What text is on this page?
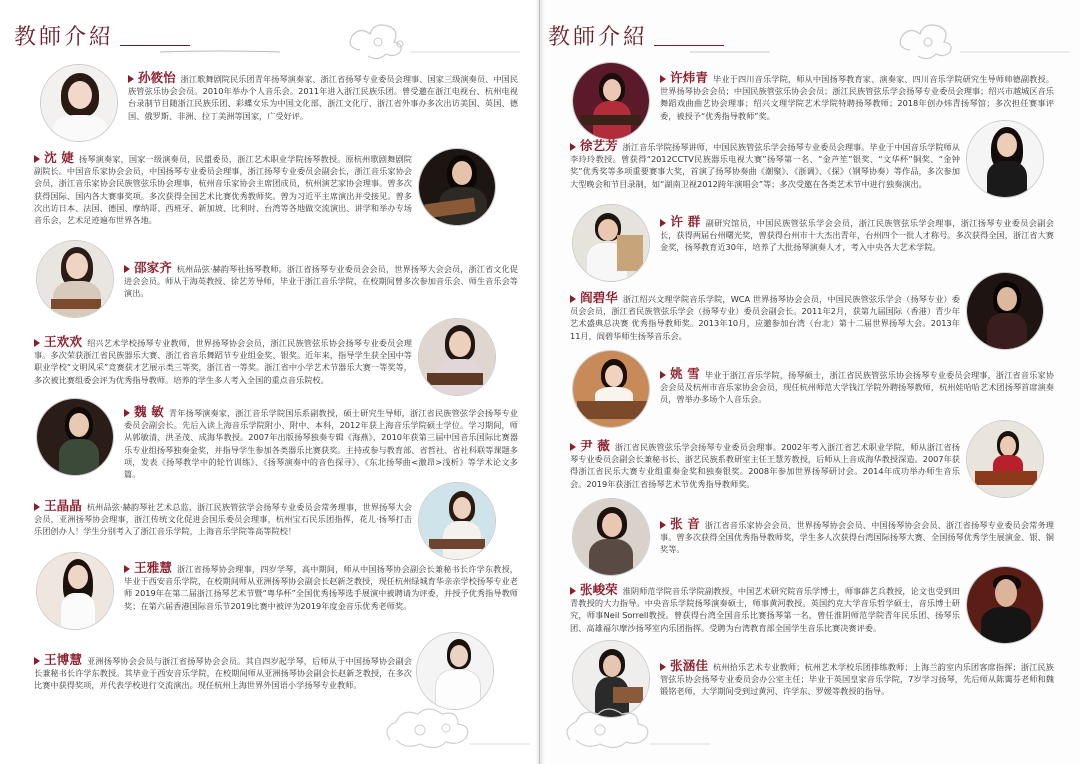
教師介紹
孙筱怡 浙江歌舞剧院民乐团青年扬琴演奏家、浙江省扬琴专业委员会理事、国家三级演奏员、中国民族管弦乐协会会员。2010年举办个人音乐会。2011年进入浙江民族乐团。曾受邀在浙江电视台、杭州电视台录制节目随浙江民族乐团、彩蝶女乐为中国文化部、浙江文化厅、浙江省外事办多次出访美国、英国、德国、俄罗斯、非洲、拉丁美洲等国家，广受好评。
沈 婕 扬琴演奏家，国家一级演奏员，民盟委员，浙江艺术职业学院扬琴教授。原杭州歌剧舞剧院副院长。中国音乐家协会会员，中国扬琴专业委员会理事，浙江扬琴专业委员会副会长，浙江音乐家协会会员，浙江音乐家协会民族管弦乐协会理事，杭州音乐家协会主席团成员，杭州演艺家协会理事。曾多次获得国际、国内各大赛事奖项。多次获得全国艺术比赛优秀教师奖。曾为习近平主席演出并受接见。曾多次出访日本、法国、德国、摩纳哥、西班牙、新加坡、比利时、台湾等各地做交流演出、讲学和举办专场音乐会，艺术足迹遍布世界各地。
邵家齐 杭州品弦·赫韵琴社扬琴教师。浙江省扬琴专业委员会会员，世界扬琴大会会员，浙江省文化促进会会员。师从于海英教授、徐艺芳导师，毕业于浙江音乐学院，在校期间曾多次参加音乐会、师生音乐会等演出。
王欢欢 绍兴艺术学校扬琴专业教师，世界扬琴协会会员，浙江民族管弦乐协会扬琴专业委员会理事。多次荣获浙江省民族器乐大赛、浙江省音乐舞蹈节专业组金奖、银奖。近年来，指导学生获全国中等职业学校“文明风采”竞赛获才艺展示类三等奖，浙江省一等奖。浙江省中小学艺术节器乐大赛一等奖等，多次被比赛组委会评为优秀指导教师。培养的学生多人考入全国的重点音乐院校。
魏 敏 青年扬琴演奏家，浙江音乐学院国乐系副教授，硕士研究生导师，浙江省民族管弦学会扬琴专业委员会副会长。先后入读上海音乐学院附小、附中、本科，2012年获上海音乐学院硕士学位。学习期间，师从郭敏清、洪圣茂、成海华教授。2007年出版扬琴独奏专辑《海燕》，2010年获第三届中国音乐国际比赛器乐专业组扬琴独奏金奖，并指导学生参加各类器乐比赛获奖。主持或参与教育部、省哲社、省社科联等课题多项，发表《扬琴教学中的轮竹训练》、《扬琴演奏中的音色探寻》、《东北扬琴曲<激昂>浅析》等学术论文多篇。
王晶晶 杭州品弦·赫韵琴社艺术总监，浙江民族管弦学会扬琴专业委员会常务理事，世界扬琴大会会员，亚洲扬琴协会理事，浙江传统文化促进会国乐委员会理事，杭州宝石民乐团指挥，花儿·扬琴打击乐团创办人！学生分别考入了浙江音乐学院，上海音乐学院等高等院校！
王雅慧 浙江省扬琴协会理事，四岁学琴，高中期间，师从中国扬琴协会副会长兼秘书长许学东教授，毕业于西安音乐学院，在校期间师从亚洲扬琴协会副会长赵新芝教授，现任杭州绿城育华亲亲学校扬琴专业老师 2019年在第二届浙江扬琴艺术节暨“粤华杯”全国优秀扬琴选手展演中被聘请为评委，并授予优秀指导教师奖；在第六届香港国际音乐节2019比赛中被评为2019年度金音乐优秀老师奖。
王博慧 亚洲扬琴协会会员与浙江省扬琴协会会员。其自四岁起学琴，后师从于中国扬琴协会副会长兼秘书长许学东教授。其毕业于西安音乐学院，在校期间师从亚洲扬琴协会副会长赵新芝教授，在多次比赛中获得奖项，并代表学校进行交流演出。现任杭州上海世界外国语小学扬琴专业教师。
教師介紹
许炜青 毕业于四川音乐学院，师从中国扬琴教育家、演奏家、四川音乐学院研究生导师帅德副教授。世界扬琴协会会员；中国民族管弦乐协会会员；浙江民族管弦乐学会扬琴专业委员会理事；绍兴市越城区音乐舞蹈戏曲曲艺协会理事；绍兴文理学院艺术学院特聘扬琴教师；2018年创办炜青扬琴馆；多次担任赛事评委，被授予“优秀指导教师”奖。
徐艺芳 浙江音乐学院扬琴讲师，中国民族管弦乐学会扬琴专业委员会理事。毕业于中国音乐学院师从李玲玲教授。曾获得“2012CCTV民族器乐电视大赛”扬琴第一名、“金芦笙”银奖、“文华杯”铜奖、“金钟奖”优秀奖等多项重要赛事大奖，首演了扬琴协奏曲《潮聚》、《浙调》、《探》（钢琴协奏）等作品，多次参加大型晚会和节目录制，如“湖南卫视2012跨年演唱会”等；多次受邀在各类艺术节中进行独奏演出。
许 群 副研究馆员，中国民族管弦乐学会会员，浙江民族管弦乐学会理事，浙江扬琴专业委员会副会长，获得两届台州曙光奖，曾获得台州市十大杰出青年，台州四个一批人才称号。多次获得全国，浙江省大赛金奖，扬琴教育近30年，培养了大批扬琴演奏人才，考入中央各大艺术学院。
阎碧华 浙江绍兴文理学院音乐学院，WCA 世界扬琴协会会员，中国民族管弦乐学会（扬琴专业）委员会会员，浙江省民族管弦乐学会（扬琴专业）委员会副会长。2011年2月，获第九届国际（香港）青少年艺术盛典总决赛 优秀指导教师奖。2013年10月，应邀参加台湾（台北）第十二届世界扬琴大会。2013年11月，阎碧华师生扬琴音乐会。
姚 雪 毕业于浙江音乐学院，扬琴硕士，浙江省民族管弦乐协会扬琴专业委员会理事，浙江省音乐家协会会员及杭州市音乐家协会会员，现任杭州师范大学钱江学院外聘扬琴教师，杭州娃哈哈艺术团扬琴首席演奏员，曾举办多场个人音乐会。
尹 薇 浙江省民族管弦乐学会扬琴专业委员会理事。2002年考入浙江省艺术职业学院，师从浙江省扬琴专业委员会副会长兼秘书长、浙艺民族系教研室主任王慧芳教授，后师从上音成海华教授深造。2007年获得浙江省民乐大赛专业组重奏金奖和独奏银奖。2008年参加世界扬琴研讨会。2014年成功举办师生音乐会。2019年获浙江省扬琴艺术节优秀指导教师奖。
张 音 浙江省音乐家协会会员、世界扬琴协会会员、中国扬琴协会会员、浙江省扬琴专业委员会常务理事。曾多次获得全国优秀指导教师奖，学生多人次获得台湾国际扬琴大赛、全国扬琴优秀学生展演金、银、铜奖等。
张峻荣 淮阴师范学院音乐学院副教授，中国艺术研究院音乐学博士，师事薛艺兵教授，论文也受到田青教授的大力指导。中央音乐学院扬琴演奏硕士，师事黄河教授。英国约克大学音乐哲学硕士，音乐博士研究，师事Neil Sorrell教授。曾获得台湾全国音乐比赛扬琴第一名，曾任淮阴师范学院青年民乐团、扬琴乐团、高雄福尔摩沙扬琴室内乐团指挥。受聘为台湾教育部全国学生音乐比赛决赛评委。
张涵佳 杭州拾乐艺术专业教师；杭州艺术学校乐团排练教师；上海兰韵室内乐团客席指挥；浙江民族管弦乐协会扬琴专业委员会办公室主任；毕业于英国皇家音乐学院，7岁学习扬琴，先后师从陈霭芬老师和魏锻铭老师，大学期间受到过黄河、许学东、罗媛等教授的指导。
